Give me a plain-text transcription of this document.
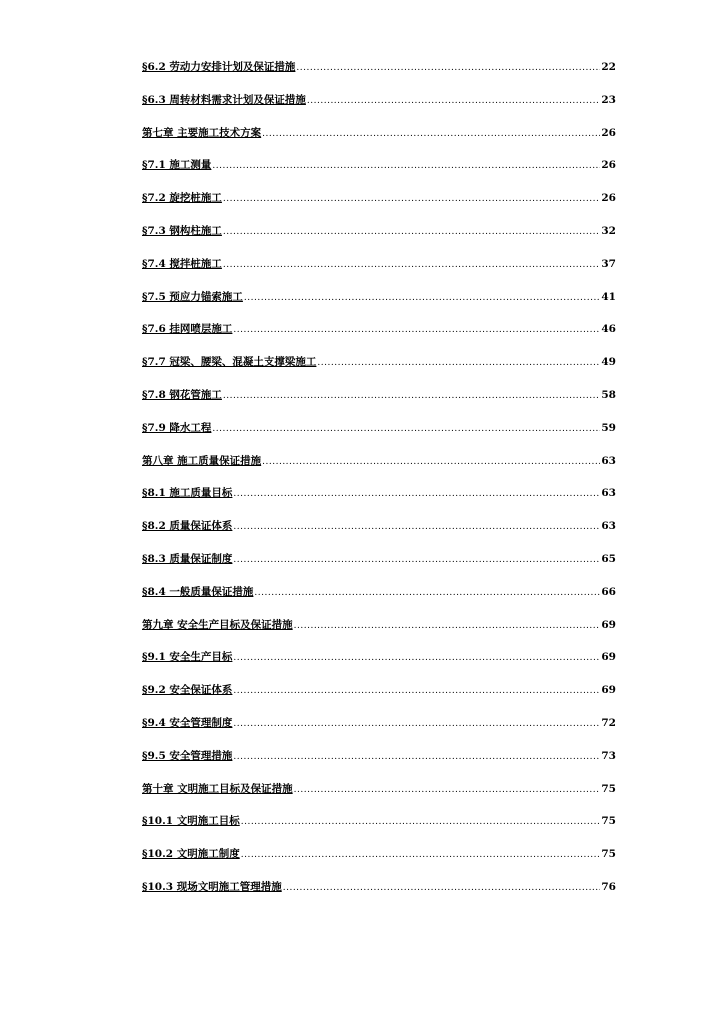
§6.2 劳动力安排计划及保证措施 .....	22
§6.3 周转材料需求计划及保证措施 .....	23
第七章 主要施工技术方案 .....	26
§7.1 施工测量 .....	26
§7.2 旋挖桩施工 .....	26
§7.3 钢构柱施工 .....	32
§7.4 搅拌桩施工 .....	37
§7.5 预应力锚索施工 .....	41
§7.6 挂网喷层施工 .....	46
§7.7 冠梁、腰梁、混凝土支撑梁施工 .....	49
§7.8 钢花管施工 .....	58
§7.9 降水工程 .....	59
第八章 施工质量保证措施 .....	63
§8.1 施工质量目标 .....	63
§8.2 质量保证体系 .....	63
§8.3 质量保证制度 .....	65
§8.4 一般质量保证措施 .....	66
第九章 安全生产目标及保证措施 .....	69
§9.1 安全生产目标 .....	69
§9.2 安全保证体系 .....	69
§9.4 安全管理制度 .....	72
§9.5 安全管理措施 .....	73
第十章 文明施工目标及保证措施 .....	75
§10.1 文明施工目标 .....	75
§10.2 文明施工制度 .....	75
§10.3 现场文明施工管理措施 .....	76
